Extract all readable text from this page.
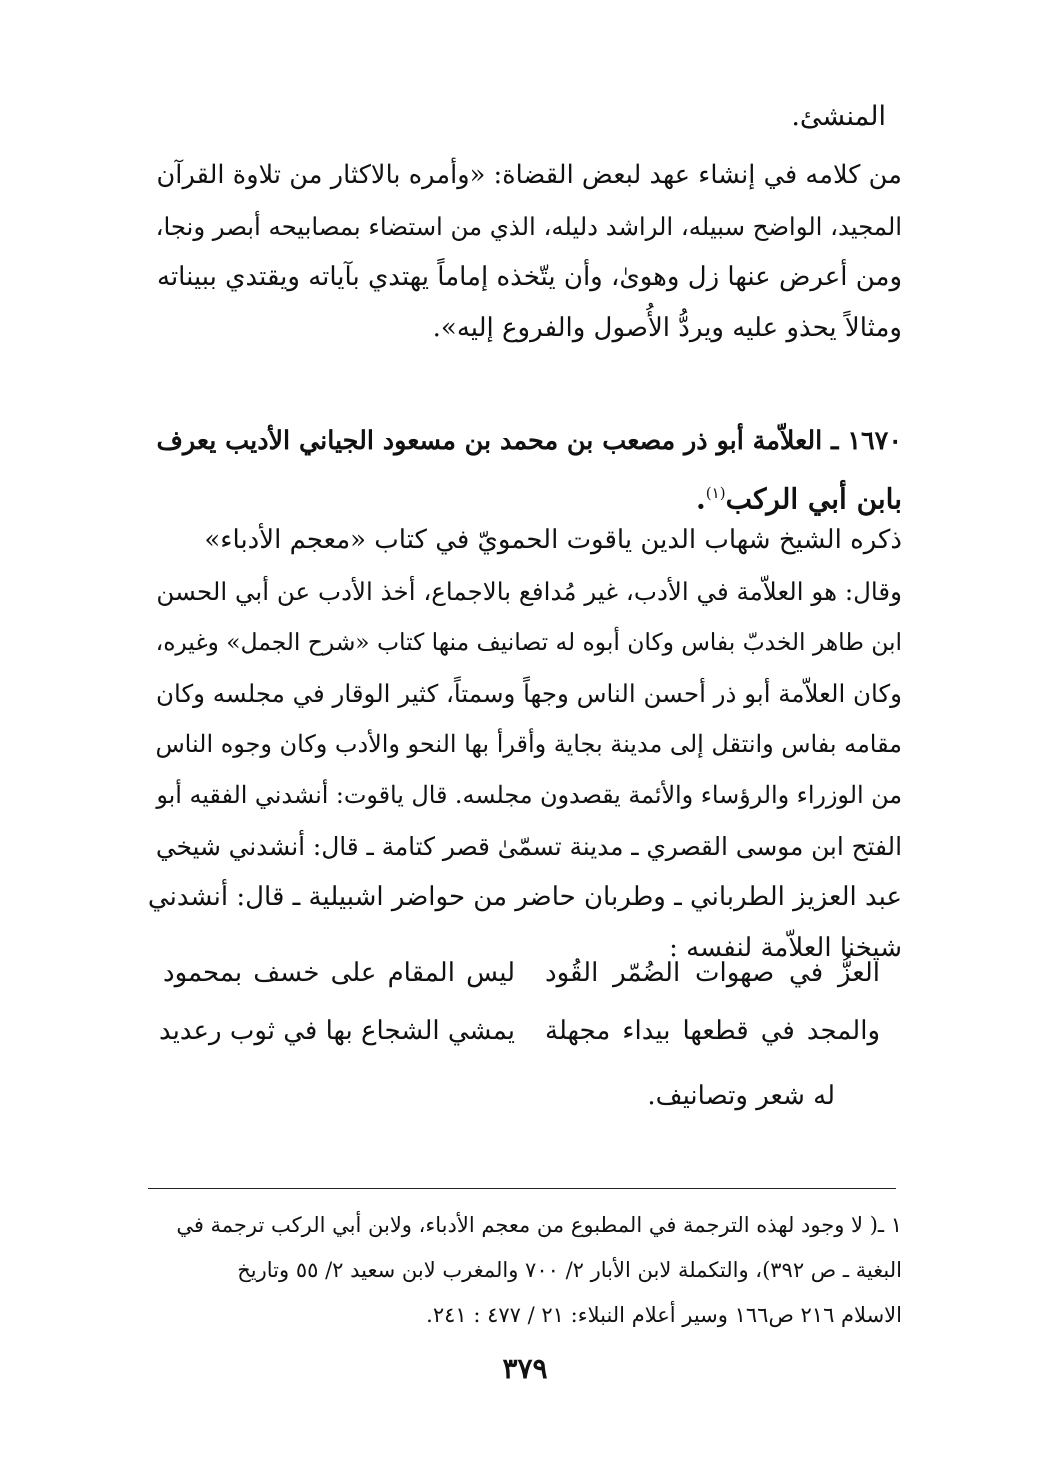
المنشئ.
من كلامه في إنشاء عهد لبعض القضاة: «وأمره بالاكثار من تلاوة القرآن
المجيد، الواضح سبيله، الراشد دليله، الذي من استضاء بمصابيحه أبصر ونجا،
ومن أعرض عنها زل وهوىٰ، وأن يتّخذه إماماً يهتدي بآياته ويقتدي ببيناته
ومثالاً يحذو عليه ويردُّ الأُصول والفروع إليه».
١٦٧٠ ـ العلاّمة أبو ذر مصعب بن محمد بن مسعود الجياني الأديب يعرف
بابن أبي الركب$^{(١)}$.
ذكره الشيخ شهاب الدين ياقوت الحمويّ في كتاب «معجم الأدباء»
وقال: هو العلاّمة في الأدب، غير مُدافع بالاجماع، أخذ الأدب عن أبي الحسن
ابن طاهر الخدبّ بفاس وكان أبوه له تصانيف منها كتاب «شرح الجمل» وغيره،
وكان العلاّمة أبو ذر أحسن الناس وجهاً وسمتاً، كثير الوقار في مجلسه وكان
مقامه بفاس وانتقل إلى مدينة بجاية وأقرأ بها النحو والأدب وكان وجوه الناس
من الوزراء والرؤساء والأئمة يقصدون مجلسه. قال ياقوت: أنشدني الفقيه أبو
الفتح ابن موسى القصري ـ مدينة تسمّىٰ قصر كتامة ـ قال: أنشدني شيخي
عبد العزيز الطرباني ـ وطربان حاضر من حواضر اشبيلية ـ قال: أنشدني
شيخنا العلاّمة لنفسه :
العزُّ في صهوات الضُمّر القُود
ليس المقام على خسف بمحمود
والمجد في قطعها بيداء مجهلة
يمشي الشجاع بها في ثوب رعديد
له شعر وتصانيف.
١ ـ( لا وجود لهذه الترجمة في المطبوع من معجم الأدباء، ولابن أبي الركب ترجمة في
البغية ـ ص ٣٩٢)، والتكملة لابن الأبار ٢/ ٧٠٠ والمغرب لابن سعيد ٢/ ٥٥ وتاريخ
الاسلام ٢١٦ ص١٦٦ وسير أعلام النبلاء: ٢١ / ٤٧٧ : ٢٤١.
٣٧٩
